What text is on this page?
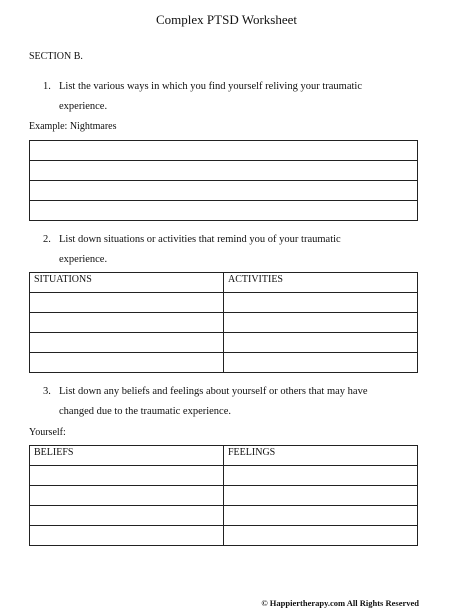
Complex PTSD Worksheet
SECTION B.
1. List the various ways in which you find yourself reliving your traumatic
experience.
Example: Nightmares

2. List down situations or activities that remind you of your traumatic
experience.
SITUATIONS	ACTIVITIES

3. List down any beliefs and feelings about yourself or others that may have
changed due to the traumatic experience.
Yourself:
BELIEFS	FEELINGS

© Happiertherapy.com All Rights Reserved
